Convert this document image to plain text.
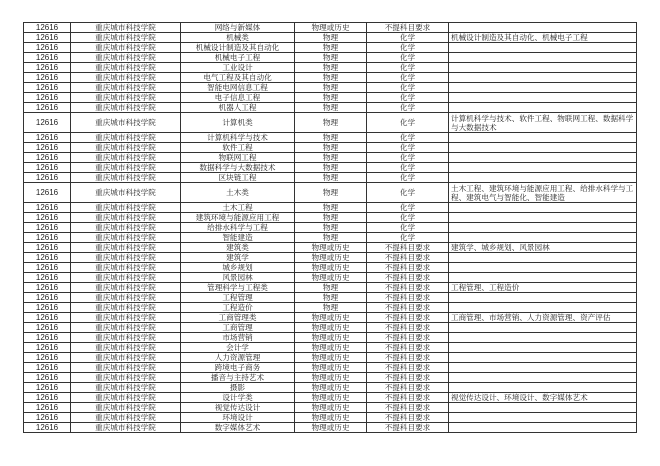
12616	重庆城市科技学院	网络与新媒体	物理或历史	不提科目要求	
12616	重庆城市科技学院	机械类	物理	化学	机械设计制造及其自动化、机械电子工程
12616	重庆城市科技学院	机械设计制造及其自动化	物理	化学	
12616	重庆城市科技学院	机械电子工程	物理	化学	
12616	重庆城市科技学院	工业设计	物理	化学	
12616	重庆城市科技学院	电气工程及其自动化	物理	化学	
12616	重庆城市科技学院	智能电网信息工程	物理	化学	
12616	重庆城市科技学院	电子信息工程	物理	化学	
12616	重庆城市科技学院	机器人工程	物理	化学	
12616	重庆城市科技学院	计算机类	物理	化学	计算机科学与技术、软件工程、物联网工程、数据科学与大数据技术
12616	重庆城市科技学院	计算机科学与技术	物理	化学	
12616	重庆城市科技学院	软件工程	物理	化学	
12616	重庆城市科技学院	物联网工程	物理	化学	
12616	重庆城市科技学院	数据科学与大数据技术	物理	化学	
12616	重庆城市科技学院	区块链工程	物理	化学	
12616	重庆城市科技学院	土木类	物理	化学	土木工程、建筑环境与能源应用工程、给排水科学与工程、建筑电气与智能化、智能建造
12616	重庆城市科技学院	土木工程	物理	化学	
12616	重庆城市科技学院	建筑环境与能源应用工程	物理	化学	
12616	重庆城市科技学院	给排水科学与工程	物理	化学	
12616	重庆城市科技学院	智能建造	物理	化学	
12616	重庆城市科技学院	建筑类	物理或历史	不提科目要求	建筑学、城乡规划、风景园林
12616	重庆城市科技学院	建筑学	物理或历史	不提科目要求	
12616	重庆城市科技学院	城乡规划	物理或历史	不提科目要求	
12616	重庆城市科技学院	风景园林	物理或历史	不提科目要求	
12616	重庆城市科技学院	管理科学与工程类	物理	不提科目要求	工程管理、工程造价
12616	重庆城市科技学院	工程管理	物理	不提科目要求	
12616	重庆城市科技学院	工程造价	物理	不提科目要求	
12616	重庆城市科技学院	工商管理类	物理或历史	不提科目要求	工商管理、市场营销、人力资源管理、资产评估
12616	重庆城市科技学院	工商管理	物理或历史	不提科目要求	
12616	重庆城市科技学院	市场营销	物理或历史	不提科目要求	
12616	重庆城市科技学院	会计学	物理或历史	不提科目要求	
12616	重庆城市科技学院	人力资源管理	物理或历史	不提科目要求	
12616	重庆城市科技学院	跨境电子商务	物理或历史	不提科目要求	
12616	重庆城市科技学院	播音与主持艺术	物理或历史	不提科目要求	
12616	重庆城市科技学院	摄影	物理或历史	不提科目要求	
12616	重庆城市科技学院	设计学类	物理或历史	不提科目要求	视觉传达设计、环境设计、数字媒体艺术
12616	重庆城市科技学院	视觉传达设计	物理或历史	不提科目要求	
12616	重庆城市科技学院	环境设计	物理或历史	不提科目要求	
12616	重庆城市科技学院	数字媒体艺术	物理或历史	不提科目要求	
